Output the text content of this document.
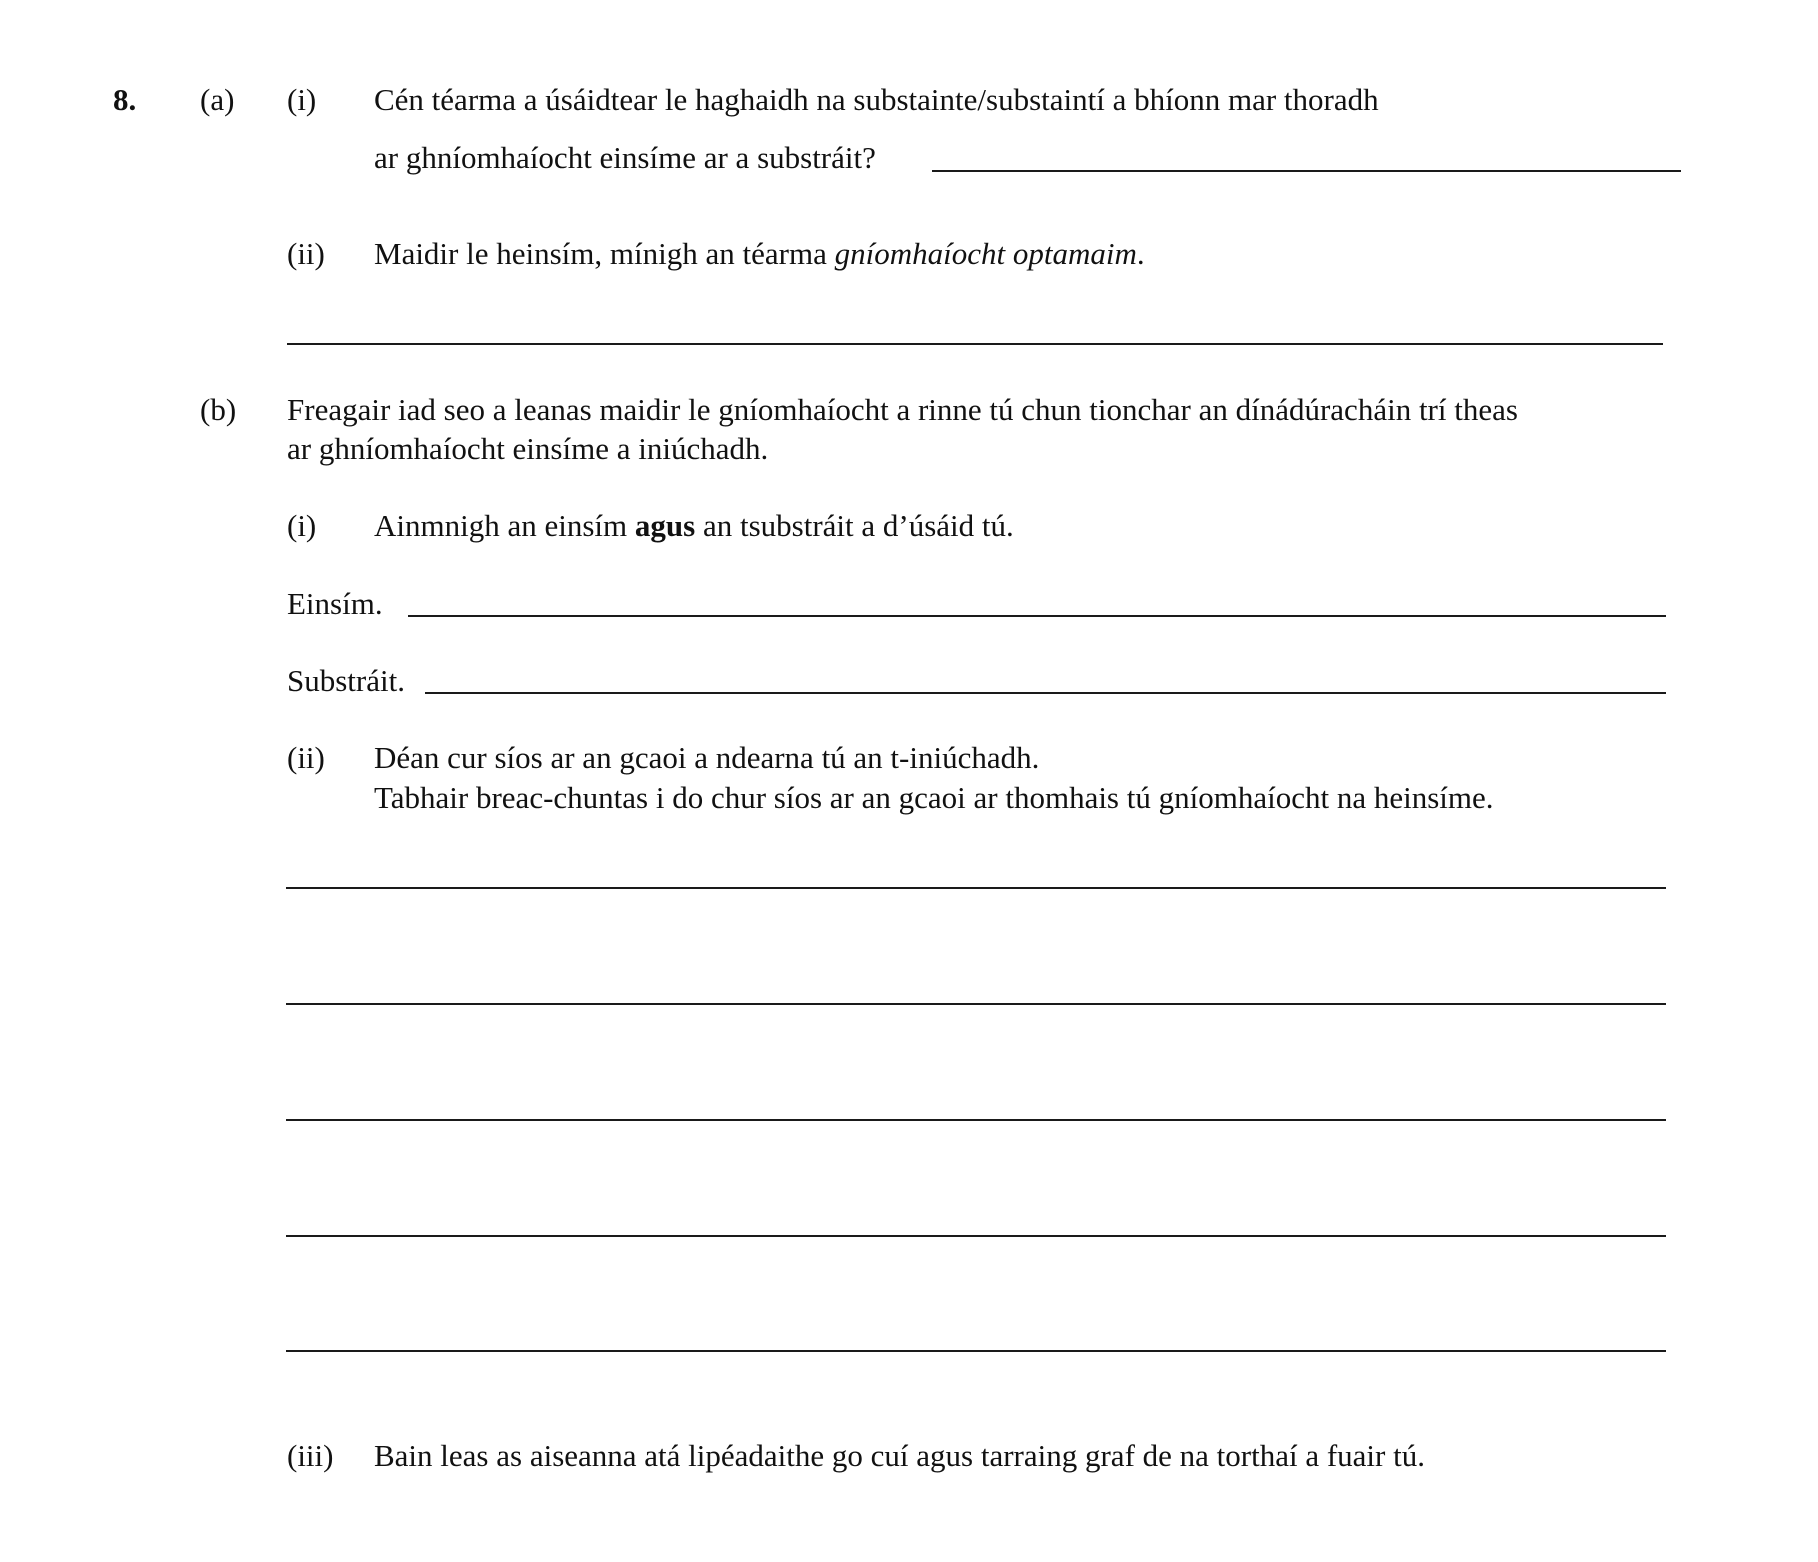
8. (a) (i) Cén téarma a úsáidtear le haghaidh na substainte/substaintí a bhíonn mar thoradh
ar ghníomhaíocht einsíme ar a substráit?
(ii) Maidir le heinsím, mínigh an téarma gníomhaíocht optamaim.
(b) Freagair iad seo a leanas maidir le gníomhaíocht a rinne tú chun tionchar an dínádúracháin trí theas
ar ghníomhaíocht einsíme a iniúchadh.
(i) Ainmnigh an einsím agus an tsubstráit a d’úsáid tú.
Einsím.
Substráit.
(ii) Déan cur síos ar an gcaoi a ndearna tú an t-iniúchadh.
Tabhair breac-chuntas i do chur síos ar an gcaoi ar thomhais tú gníomhaíocht na heinsíme.
(iii) Bain leas as aiseanna atá lipéadaithe go cuí agus tarraing graf de na torthaí a fuair tú.
